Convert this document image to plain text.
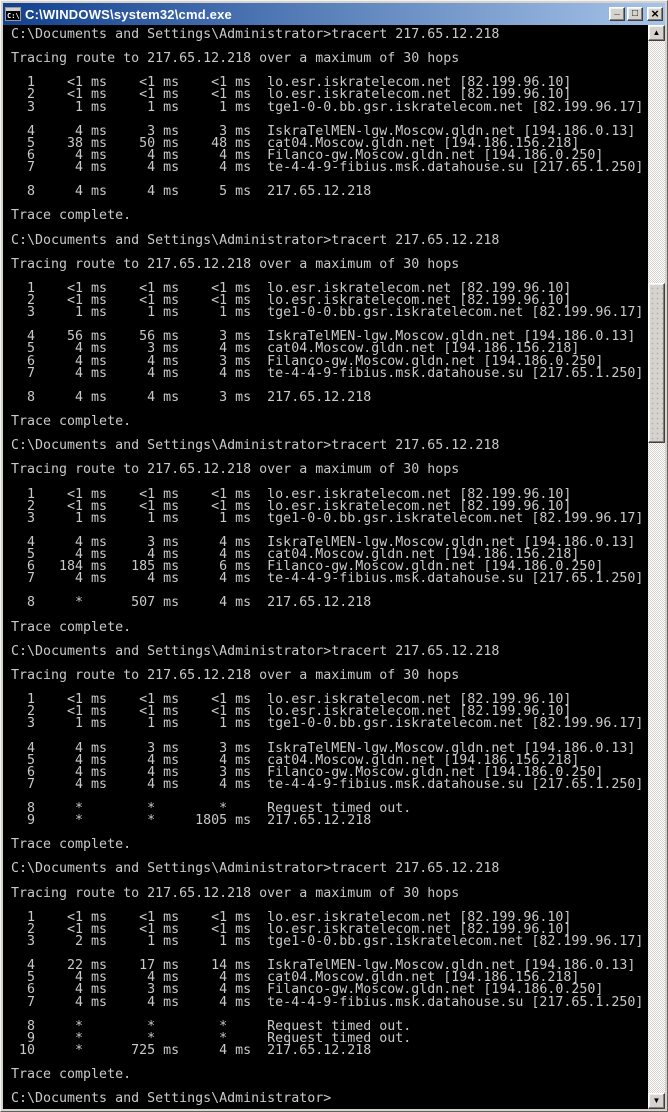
C:\ C:\WINDOWS\system32\cmd.exe	_ □ ×
C:\Documents and Settings\Administrator>tracert 217.65.12.218

Tracing route to 217.65.12.218 over a maximum of 30 hops

1    <1 ms    <1 ms    <1 ms  lo.esr.iskratelecom.net [82.199.96.10]
2    <1 ms    <1 ms    <1 ms  lo.esr.iskratelecom.net [82.199.96.10]
3     1 ms     1 ms     1 ms  tge1-0-0.bb.gsr.iskratelecom.net [82.199.96.17]

4     4 ms     3 ms     3 ms  IskraTelMEN-lgw.Moscow.gldn.net [194.186.0.13]
5    38 ms    50 ms    48 ms  cat04.Moscow.gldn.net [194.186.156.218]
6     4 ms     4 ms     4 ms  Filanco-gw.Moscow.gldn.net [194.186.0.250]
7     4 ms     4 ms     4 ms  te-4-4-9-fibius.msk.datahouse.su [217.65.1.250]

8     4 ms     4 ms     5 ms  217.65.12.218

Trace complete.

C:\Documents and Settings\Administrator>tracert 217.65.12.218

Tracing route to 217.65.12.218 over a maximum of 30 hops

1    <1 ms    <1 ms    <1 ms  lo.esr.iskratelecom.net [82.199.96.10]
2    <1 ms    <1 ms    <1 ms  lo.esr.iskratelecom.net [82.199.96.10]
3     1 ms     1 ms     1 ms  tge1-0-0.bb.gsr.iskratelecom.net [82.199.96.17]

4    56 ms    56 ms     3 ms  IskraTelMEN-lgw.Moscow.gldn.net [194.186.0.13]
5     4 ms     3 ms     4 ms  cat04.Moscow.gldn.net [194.186.156.218]
6     4 ms     4 ms     3 ms  Filanco-gw.Moscow.gldn.net [194.186.0.250]
7     4 ms     4 ms     4 ms  te-4-4-9-fibius.msk.datahouse.su [217.65.1.250]

8     4 ms     4 ms     3 ms  217.65.12.218

Trace complete.

C:\Documents and Settings\Administrator>tracert 217.65.12.218

Tracing route to 217.65.12.218 over a maximum of 30 hops

1    <1 ms    <1 ms    <1 ms  lo.esr.iskratelecom.net [82.199.96.10]
2    <1 ms    <1 ms    <1 ms  lo.esr.iskratelecom.net [82.199.96.10]
3     1 ms     1 ms     1 ms  tge1-0-0.bb.gsr.iskratelecom.net [82.199.96.17]

4     4 ms     3 ms     4 ms  IskraTelMEN-lgw.Moscow.gldn.net [194.186.0.13]
5     4 ms     4 ms     4 ms  cat04.Moscow.gldn.net [194.186.156.218]
6   184 ms   185 ms     6 ms  Filanco-gw.Moscow.gldn.net [194.186.0.250]
7     4 ms     4 ms     4 ms  te-4-4-9-fibius.msk.datahouse.su [217.65.1.250]

8     *      507 ms     4 ms  217.65.12.218

Trace complete.

C:\Documents and Settings\Administrator>tracert 217.65.12.218

Tracing route to 217.65.12.218 over a maximum of 30 hops

1    <1 ms    <1 ms    <1 ms  lo.esr.iskratelecom.net [82.199.96.10]
2    <1 ms    <1 ms    <1 ms  lo.esr.iskratelecom.net [82.199.96.10]
3     1 ms     1 ms     1 ms  tge1-0-0.bb.gsr.iskratelecom.net [82.199.96.17]

4     4 ms     3 ms     3 ms  IskraTelMEN-lgw.Moscow.gldn.net [194.186.0.13]
5     4 ms     4 ms     4 ms  cat04.Moscow.gldn.net [194.186.156.218]
6     4 ms     4 ms     3 ms  Filanco-gw.Moscow.gldn.net [194.186.0.250]
7     4 ms     4 ms     4 ms  te-4-4-9-fibius.msk.datahouse.su [217.65.1.250]

8     *        *        *     Request timed out.
9     *        *     1805 ms  217.65.12.218

Trace complete.

C:\Documents and Settings\Administrator>tracert 217.65.12.218

Tracing route to 217.65.12.218 over a maximum of 30 hops

1    <1 ms    <1 ms    <1 ms  lo.esr.iskratelecom.net [82.199.96.10]
2    <1 ms    <1 ms    <1 ms  lo.esr.iskratelecom.net [82.199.96.10]
3     2 ms     1 ms     1 ms  tge1-0-0.bb.gsr.iskratelecom.net [82.199.96.17]

4    22 ms    17 ms    14 ms  IskraTelMEN-lgw.Moscow.gldn.net [194.186.0.13]
5     4 ms     4 ms     4 ms  cat04.Moscow.gldn.net [194.186.156.218]
6     4 ms     3 ms     4 ms  Filanco-gw.Moscow.gldn.net [194.186.0.250]
7     4 ms     4 ms     4 ms  te-4-4-9-fibius.msk.datahouse.su [217.65.1.250]

8     *        *        *     Request timed out.
9     *        *        *     Request timed out.
10     *      725 ms     4 ms  217.65.12.218

Trace complete.

C:\Documents and Settings\Administrator>
▲
▼
